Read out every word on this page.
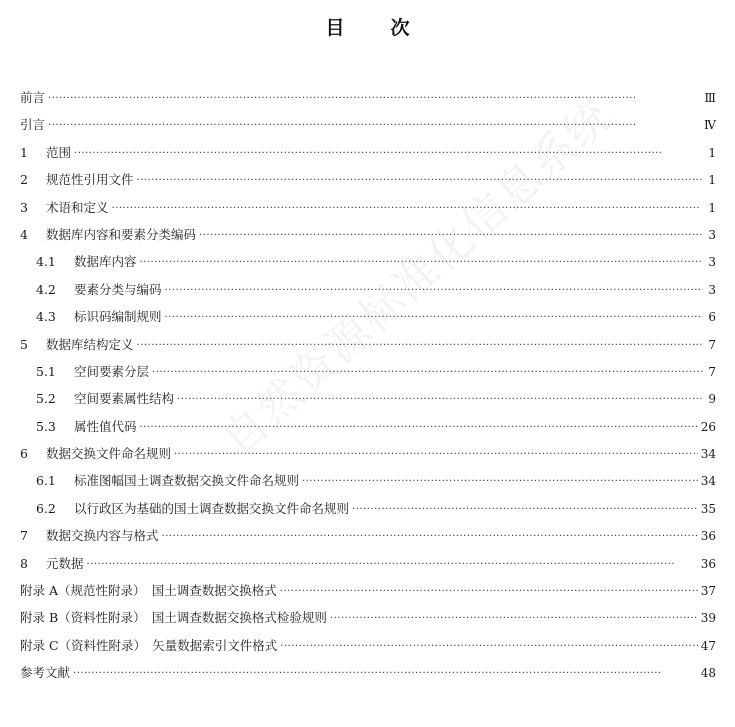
目 次
前言 ·····	Ⅲ
引言 ·····	Ⅳ
1	范围 ·····	1
2	规范性引用文件 ·····	1
3	术语和定义 ·····	1
4	数据库内容和要素分类编码 ·····	3
4.1	数据库内容 ·····	3
4.2	要素分类与编码 ·····	3
4.3	标识码编制规则 ·····	6
5	数据库结构定义 ·····	7
5.1	空间要素分层 ·····	7
5.2	空间要素属性结构 ·····	9
5.3	属性值代码 ·····	26
6	数据交换文件命名规则 ·····	34
6.1	标准图幅国土调查数据交换文件命名规则 ·····	34
6.2	以行政区为基础的国土调查数据交换文件命名规则 ·····	35
7	数据交换内容与格式 ·····	36
8	元数据 ·····	36
附录 A（规范性附录）　国土调查数据交换格式 ·····	37
附录 B（资料性附录）　国土调查数据交换格式检验规则 ·····	39
附录 C（资料性附录）　矢量数据索引文件格式 ·····	47
参考文献 ·····	48
自然资源标准化信息系统
